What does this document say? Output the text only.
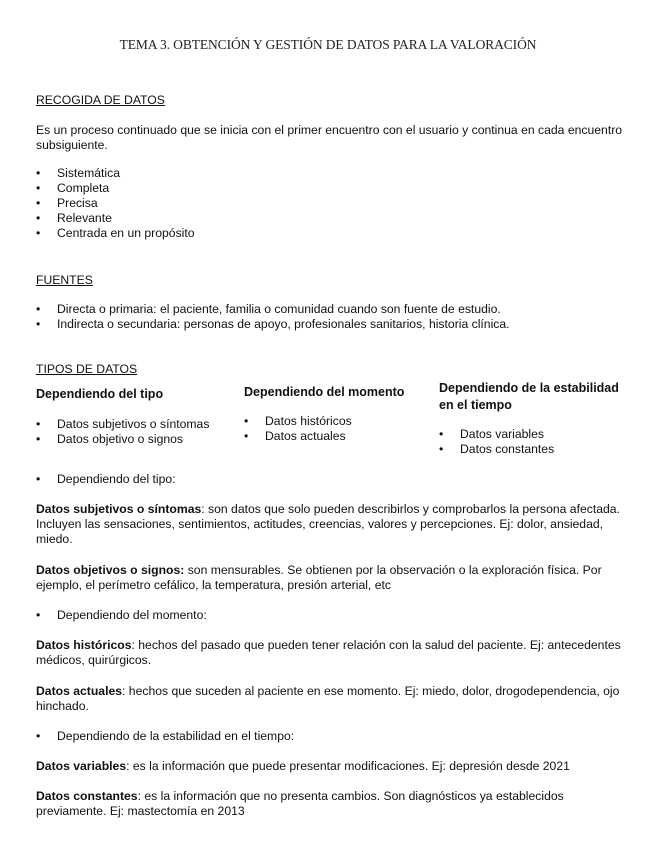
TEMA 3. OBTENCIÓN Y GESTIÓN DE DATOS PARA LA VALORACIÓN
RECOGIDA DE DATOS

Es un proceso continuado que se inicia con el primer encuentro con el usuario y continua en cada encuentro subsiguiente.

• Sistemática
• Completa
• Precisa
• Relevante
• Centrada en un propósito
FUENTES
• Directa o primaria: el paciente, familia o comunidad cuando son fuente de estudio.
• Indirecta o secundaria: personas de apoyo, profesionales sanitarios, historia clínica.
TIPOS DE DATOS
Dependiendo del tipo
• Datos subjetivos o síntomas
• Datos objetivo o signos
Dependiendo del momento
• Datos históricos
• Datos actuales
Dependiendo de la estabilidad en el tiempo
• Datos variables
• Datos constantes
• Dependiendo del tipo:

Datos subjetivos o síntomas: son datos que solo pueden describirlos y comprobarlos la persona afectada. Incluyen las sensaciones, sentimientos, actitudes, creencias, valores y percepciones. Ej: dolor, ansiedad, miedo.

Datos objetivos o signos: son mensurables. Se obtienen por la observación o la exploración física. Por ejemplo, el perímetro cefálico, la temperatura, presión arterial, etc

• Dependiendo del momento:

Datos históricos: hechos del pasado que pueden tener relación con la salud del paciente. Ej: antecedentes médicos, quirúrgicos.

Datos actuales: hechos que suceden al paciente en ese momento. Ej: miedo, dolor, drogodependencia, ojo hinchado.

• Dependiendo de la estabilidad en el tiempo:

Datos variables: es la información que puede presentar modificaciones. Ej: depresión desde 2021

Datos constantes: es la información que no presenta cambios. Son diagnósticos ya establecidos previamente. Ej: mastectomía en 2013
